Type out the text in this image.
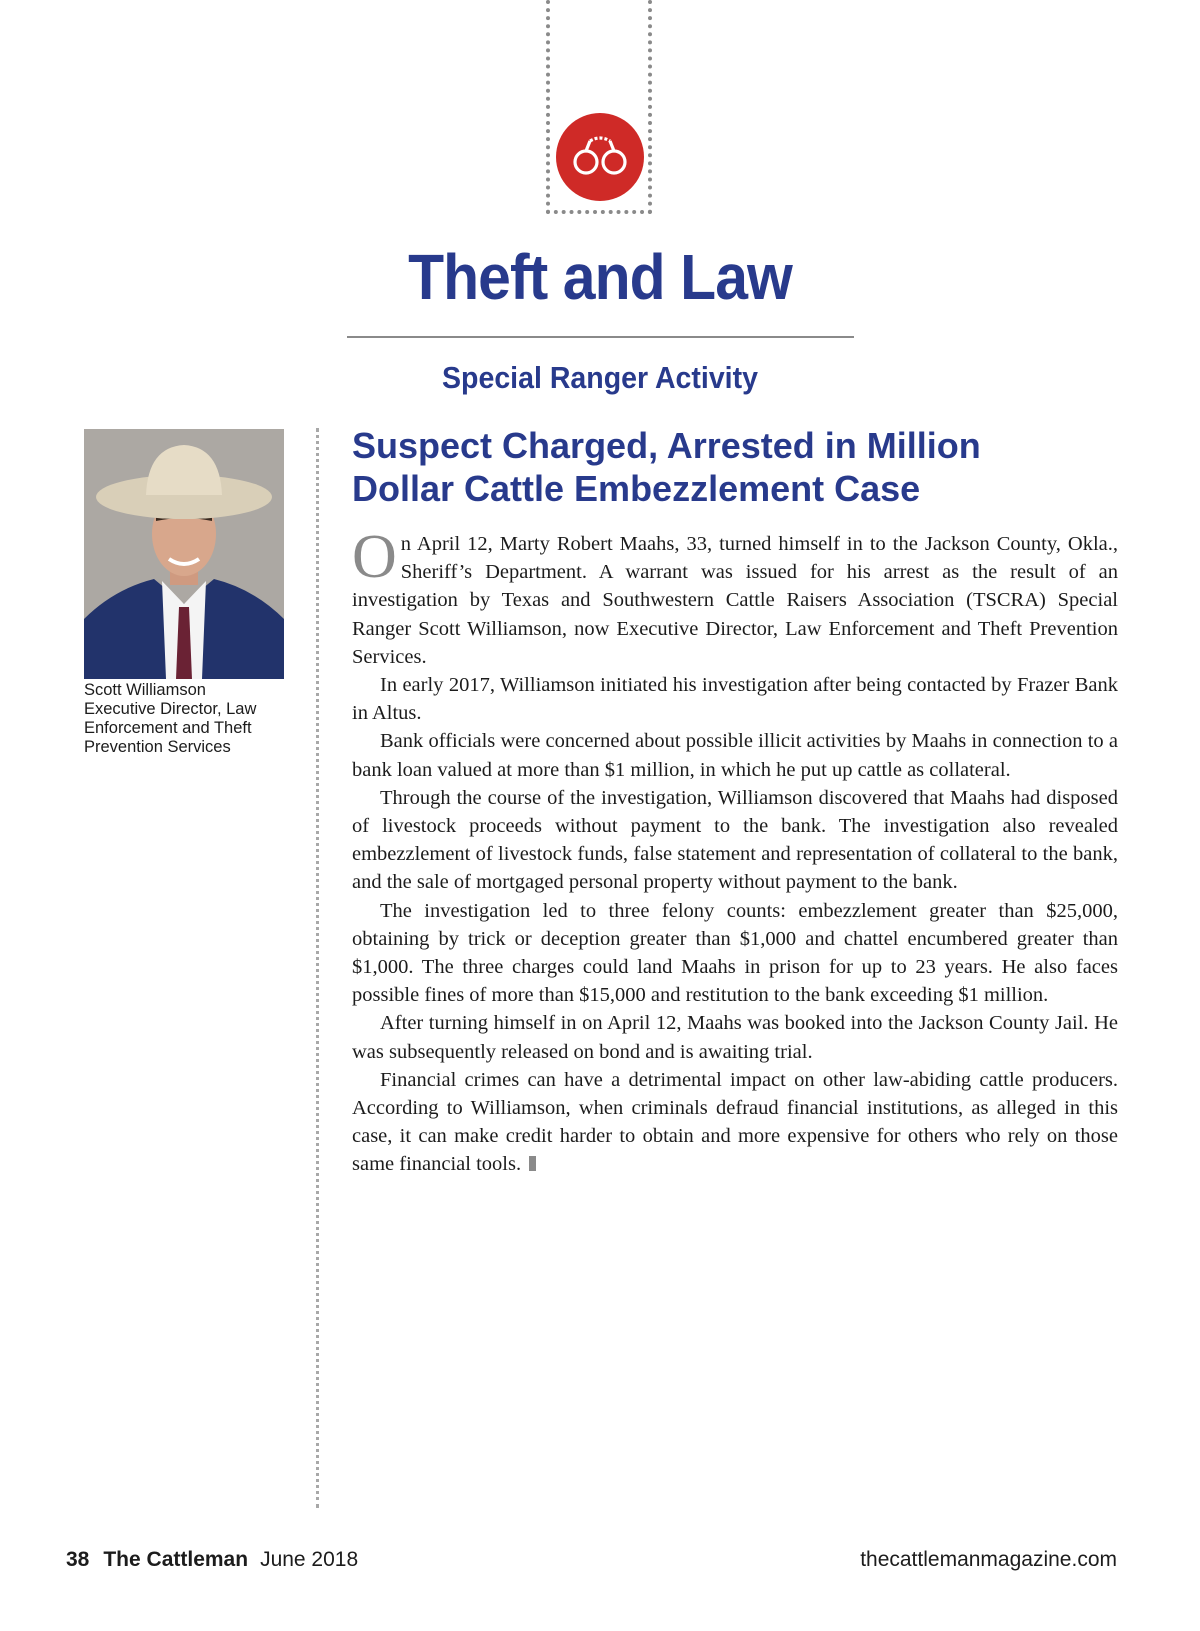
Theft and Law
Special Ranger Activity
Scott Williamson
Executive Director, Law
Enforcement and Theft
Prevention Services
Suspect Charged, Arrested in Million
Dollar Cattle Embezzlement Case

On April 12, Marty Robert Maahs, 33, turned himself in to the Jackson County, Okla., Sheriff’s Department. A warrant was issued for his arrest as the result of an investigation by Texas and Southwestern Cattle Raisers Association (TSCRA) Special Ranger Scott Williamson, now Executive Director, Law Enforcement and Theft Prevention Services.

In early 2017, Williamson initiated his investigation after being contacted by Frazer Bank in Altus.

Bank officials were concerned about possible illicit activities by Maahs in connection to a bank loan valued at more than $1 million, in which he put up cattle as collateral.

Through the course of the investigation, Williamson discovered that Maahs had disposed of livestock proceeds without payment to the bank. The investigation also revealed embezzlement of livestock funds, false statement and representation of collateral to the bank, and the sale of mortgaged personal property without payment to the bank.

The investigation led to three felony counts: embezzlement greater than $25,000, obtaining by trick or deception greater than $1,000 and chattel encumbered greater than $1,000. The three charges could land Maahs in prison for up to 23 years. He also faces possible fines of more than $15,000 and restitution to the bank exceeding $1 million.

After turning himself in on April 12, Maahs was booked into the Jackson County Jail. He was subsequently released on bond and is awaiting trial.

Financial crimes can have a detrimental impact on other law-abiding cattle producers. According to Williamson, when criminals defraud financial institutions, as alleged in this case, it can make credit harder to obtain and more expensive for others who rely on those same financial tools.

38 The Cattleman June 2018	thecattlemanmagazine.com
